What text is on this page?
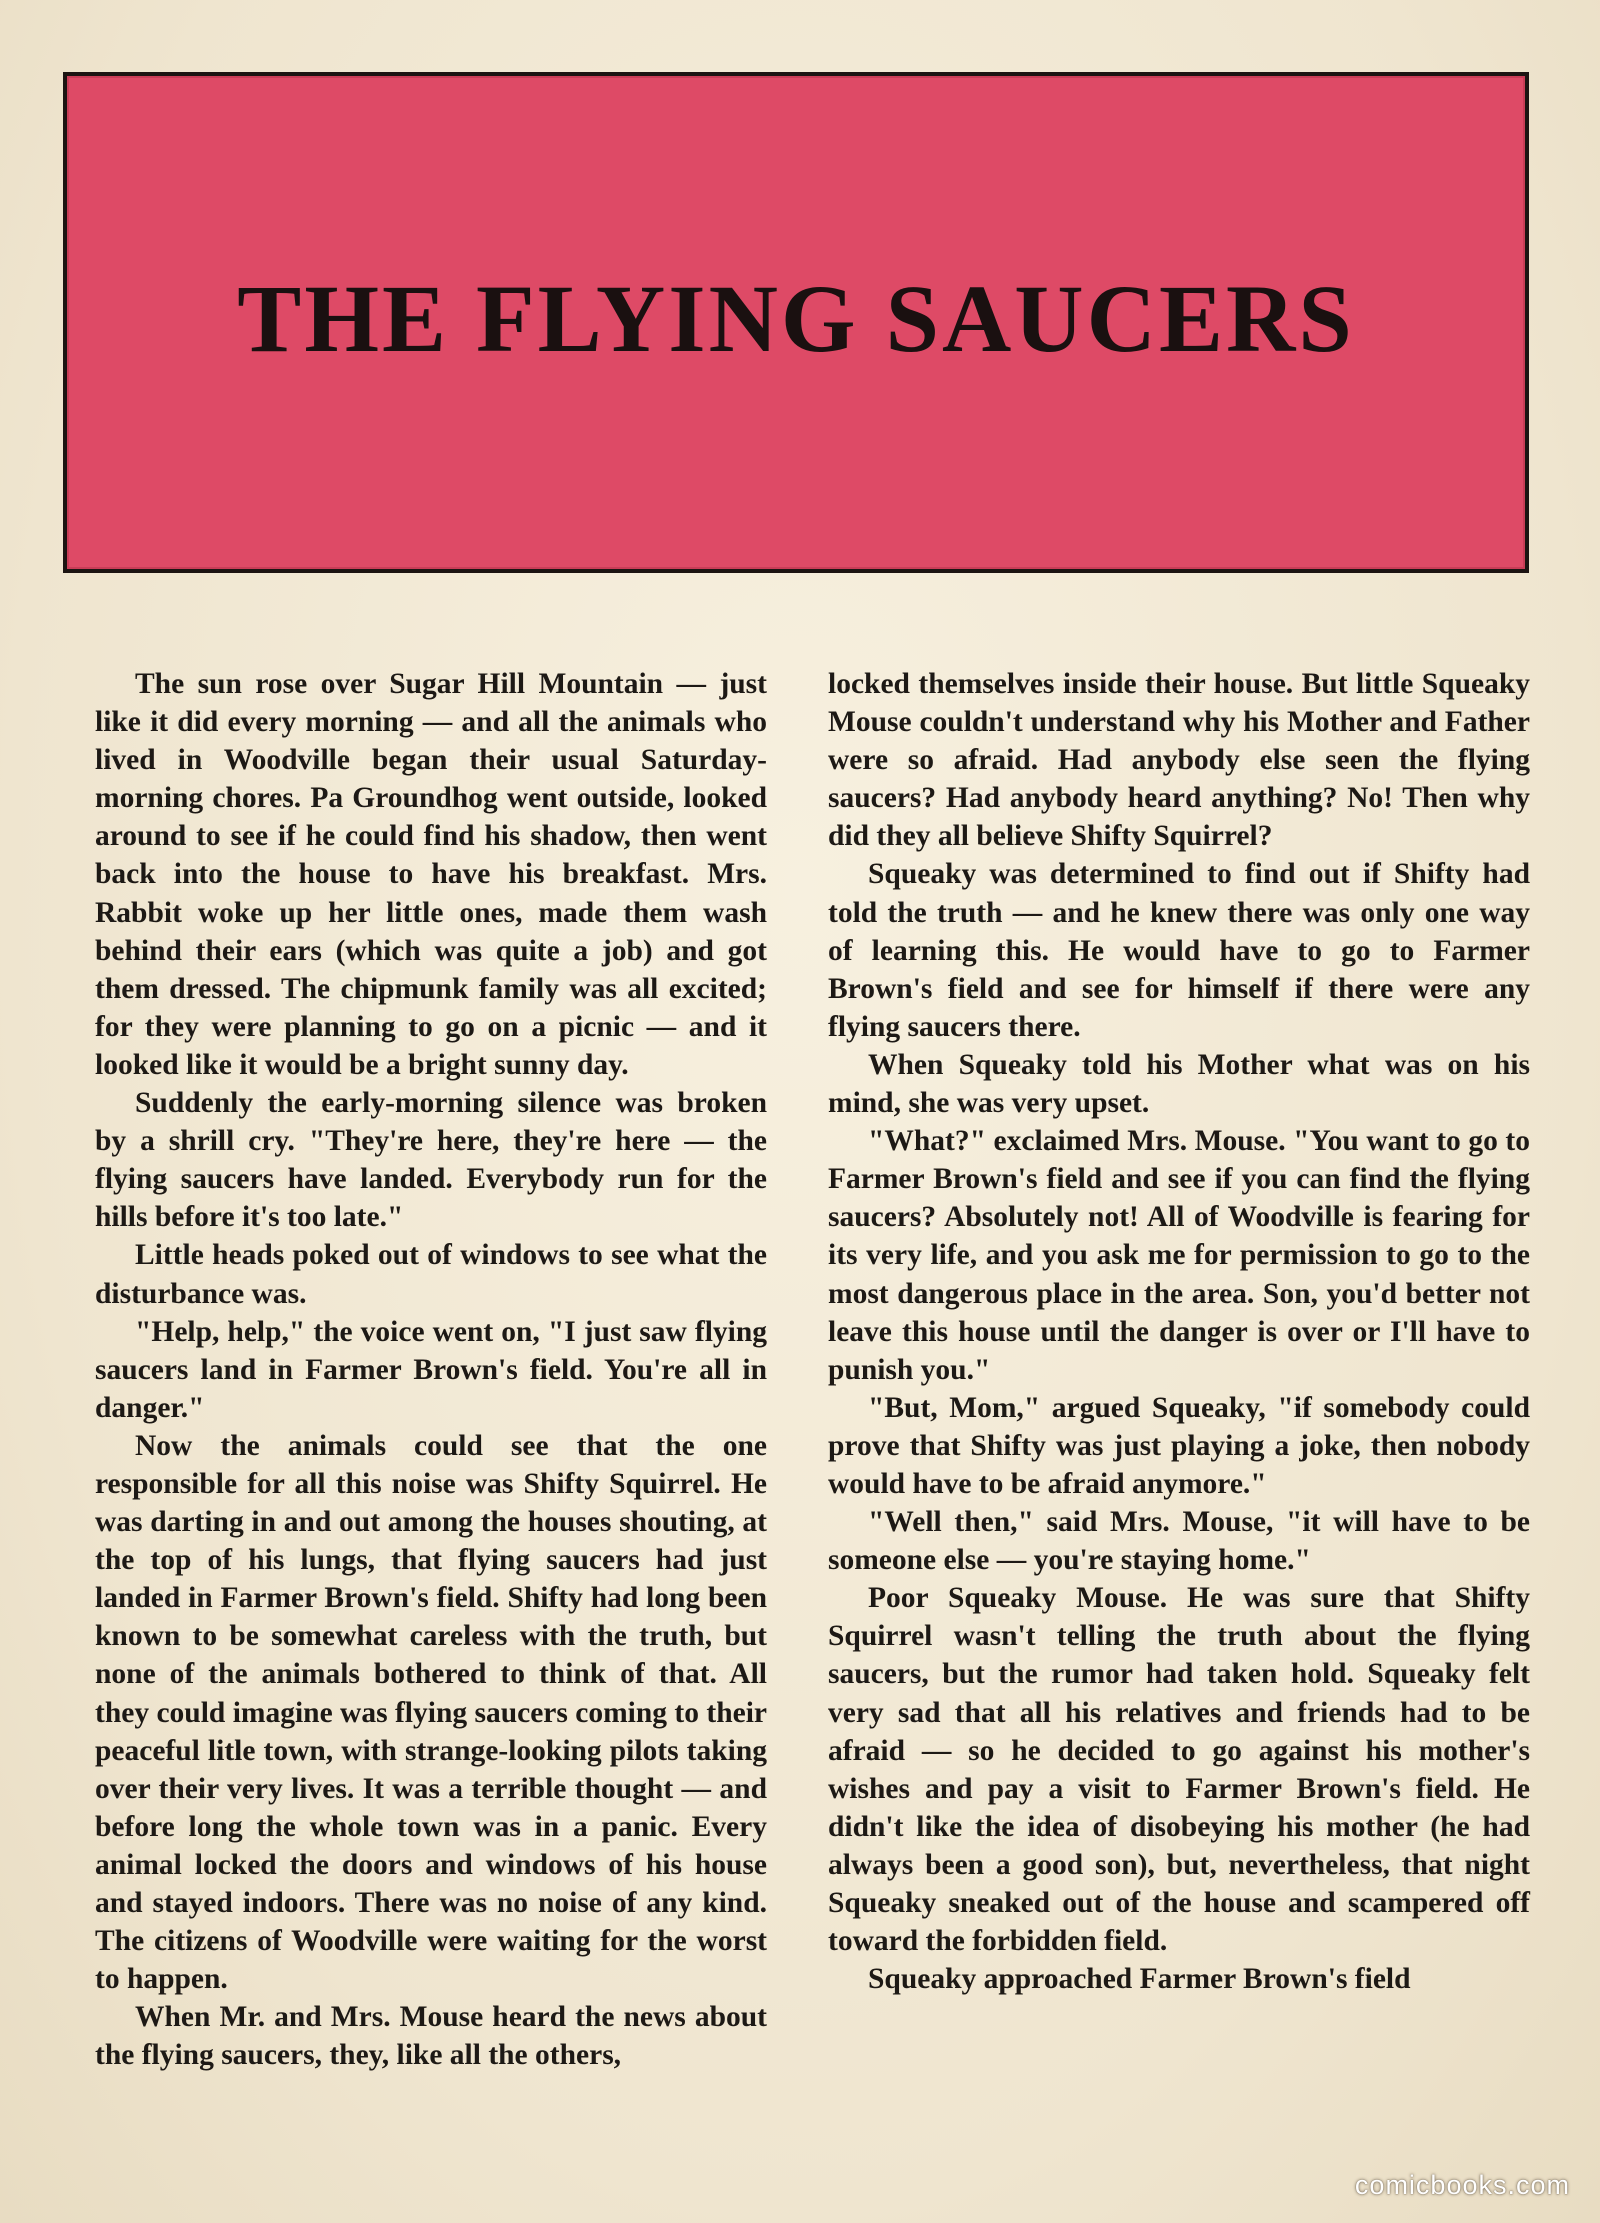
THE FLYING SAUCERS

The sun rose over Sugar Hill Mountain — just like it did every morning — and all the animals who lived in Woodville began their usual Saturday-morning chores. Pa Groundhog went outside, looked around to see if he could find his shadow, then went back into the house to have his breakfast. Mrs. Rabbit woke up her little ones, made them wash behind their ears (which was quite a job) and got them dressed. The chipmunk family was all excited; for they were planning to go on a picnic — and it looked like it would be a bright sunny day.

Suddenly the early-morning silence was broken by a shrill cry. "They're here, they're here — the flying saucers have landed. Everybody run for the hills before it's too late."

Little heads poked out of windows to see what the disturbance was.

"Help, help," the voice went on, "I just saw flying saucers land in Farmer Brown's field. You're all in danger."

Now the animals could see that the one responsible for all this noise was Shifty Squirrel. He was darting in and out among the houses shouting, at the top of his lungs, that flying saucers had just landed in Farmer Brown's field. Shifty had long been known to be somewhat careless with the truth, but none of the animals bothered to think of that. All they could imagine was flying saucers coming to their peaceful litle town, with strange-looking pilots taking over their very lives. It was a terrible thought — and before long the whole town was in a panic. Every animal locked the doors and windows of his house and stayed indoors. There was no noise of any kind. The citizens of Woodville were waiting for the worst to happen.

When Mr. and Mrs. Mouse heard the news about the flying saucers, they, like all the others,

locked themselves inside their house. But little Squeaky Mouse couldn't understand why his Mother and Father were so afraid. Had anybody else seen the flying saucers? Had anybody heard anything? No! Then why did they all believe Shifty Squirrel?

Squeaky was determined to find out if Shifty had told the truth — and he knew there was only one way of learning this. He would have to go to Farmer Brown's field and see for himself if there were any flying saucers there.

When Squeaky told his Mother what was on his mind, she was very upset.

"What?" exclaimed Mrs. Mouse. "You want to go to Farmer Brown's field and see if you can find the flying saucers? Absolutely not! All of Woodville is fearing for its very life, and you ask me for permission to go to the most dangerous place in the area. Son, you'd better not leave this house until the danger is over or I'll have to punish you."

"But, Mom," argued Squeaky, "if somebody could prove that Shifty was just playing a joke, then nobody would have to be afraid anymore."

"Well then," said Mrs. Mouse, "it will have to be someone else — you're staying home."

Poor Squeaky Mouse. He was sure that Shifty Squirrel wasn't telling the truth about the flying saucers, but the rumor had taken hold. Squeaky felt very sad that all his relatives and friends had to be afraid — so he decided to go against his mother's wishes and pay a visit to Farmer Brown's field. He didn't like the idea of disobeying his mother (he had always been a good son), but, nevertheless, that night Squeaky sneaked out of the house and scampered off toward the forbidden field.

Squeaky approached Farmer Brown's field

comicbooks.com
